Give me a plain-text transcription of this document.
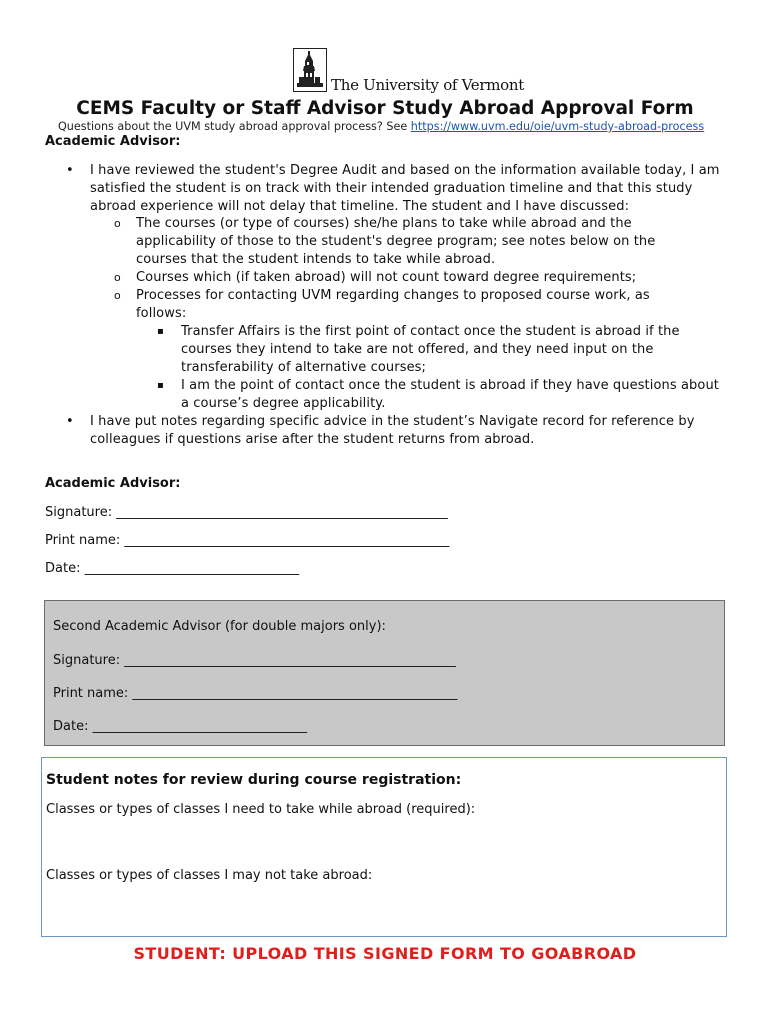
The University of Vermont
CEMS Faculty or Staff Advisor Study Abroad Approval Form
Questions about the UVM study abroad approval process? See https://www.uvm.edu/oie/uvm-study-abroad-process
Academic Advisor:
• I have reviewed the student's Degree Audit and based on the information available today, I am satisfied the student is on track with their intended graduation timeline and that this study abroad experience will not delay that timeline. The student and I have discussed:
o The courses (or type of courses) she/he plans to take while abroad and the applicability of those to the student's degree program; see notes below on the courses that the student intends to take while abroad.
o Courses which (if taken abroad) will not count toward degree requirements;
o Processes for contacting UVM regarding changes to proposed course work, as follows:
▪ Transfer Affairs is the first point of contact once the student is abroad if the courses they intend to take are not offered, and they need input on the transferability of alternative courses;
▪ I am the point of contact once the student is abroad if they have questions about a course’s degree applicability.
• I have put notes regarding specific advice in the student’s Navigate record for reference by colleagues if questions arise after the student returns from abroad.
Academic Advisor:
Signature: ___________________________________________________
Print name: __________________________________________________
Date: _________________________________
Second Academic Advisor (for double majors only):
Signature: ___________________________________________________
Print name: __________________________________________________
Date: _________________________________
Student notes for review during course registration:
Classes or types of classes I need to take while abroad (required):
Classes or types of classes I may not take abroad:
STUDENT: UPLOAD THIS SIGNED FORM TO GOABROAD
